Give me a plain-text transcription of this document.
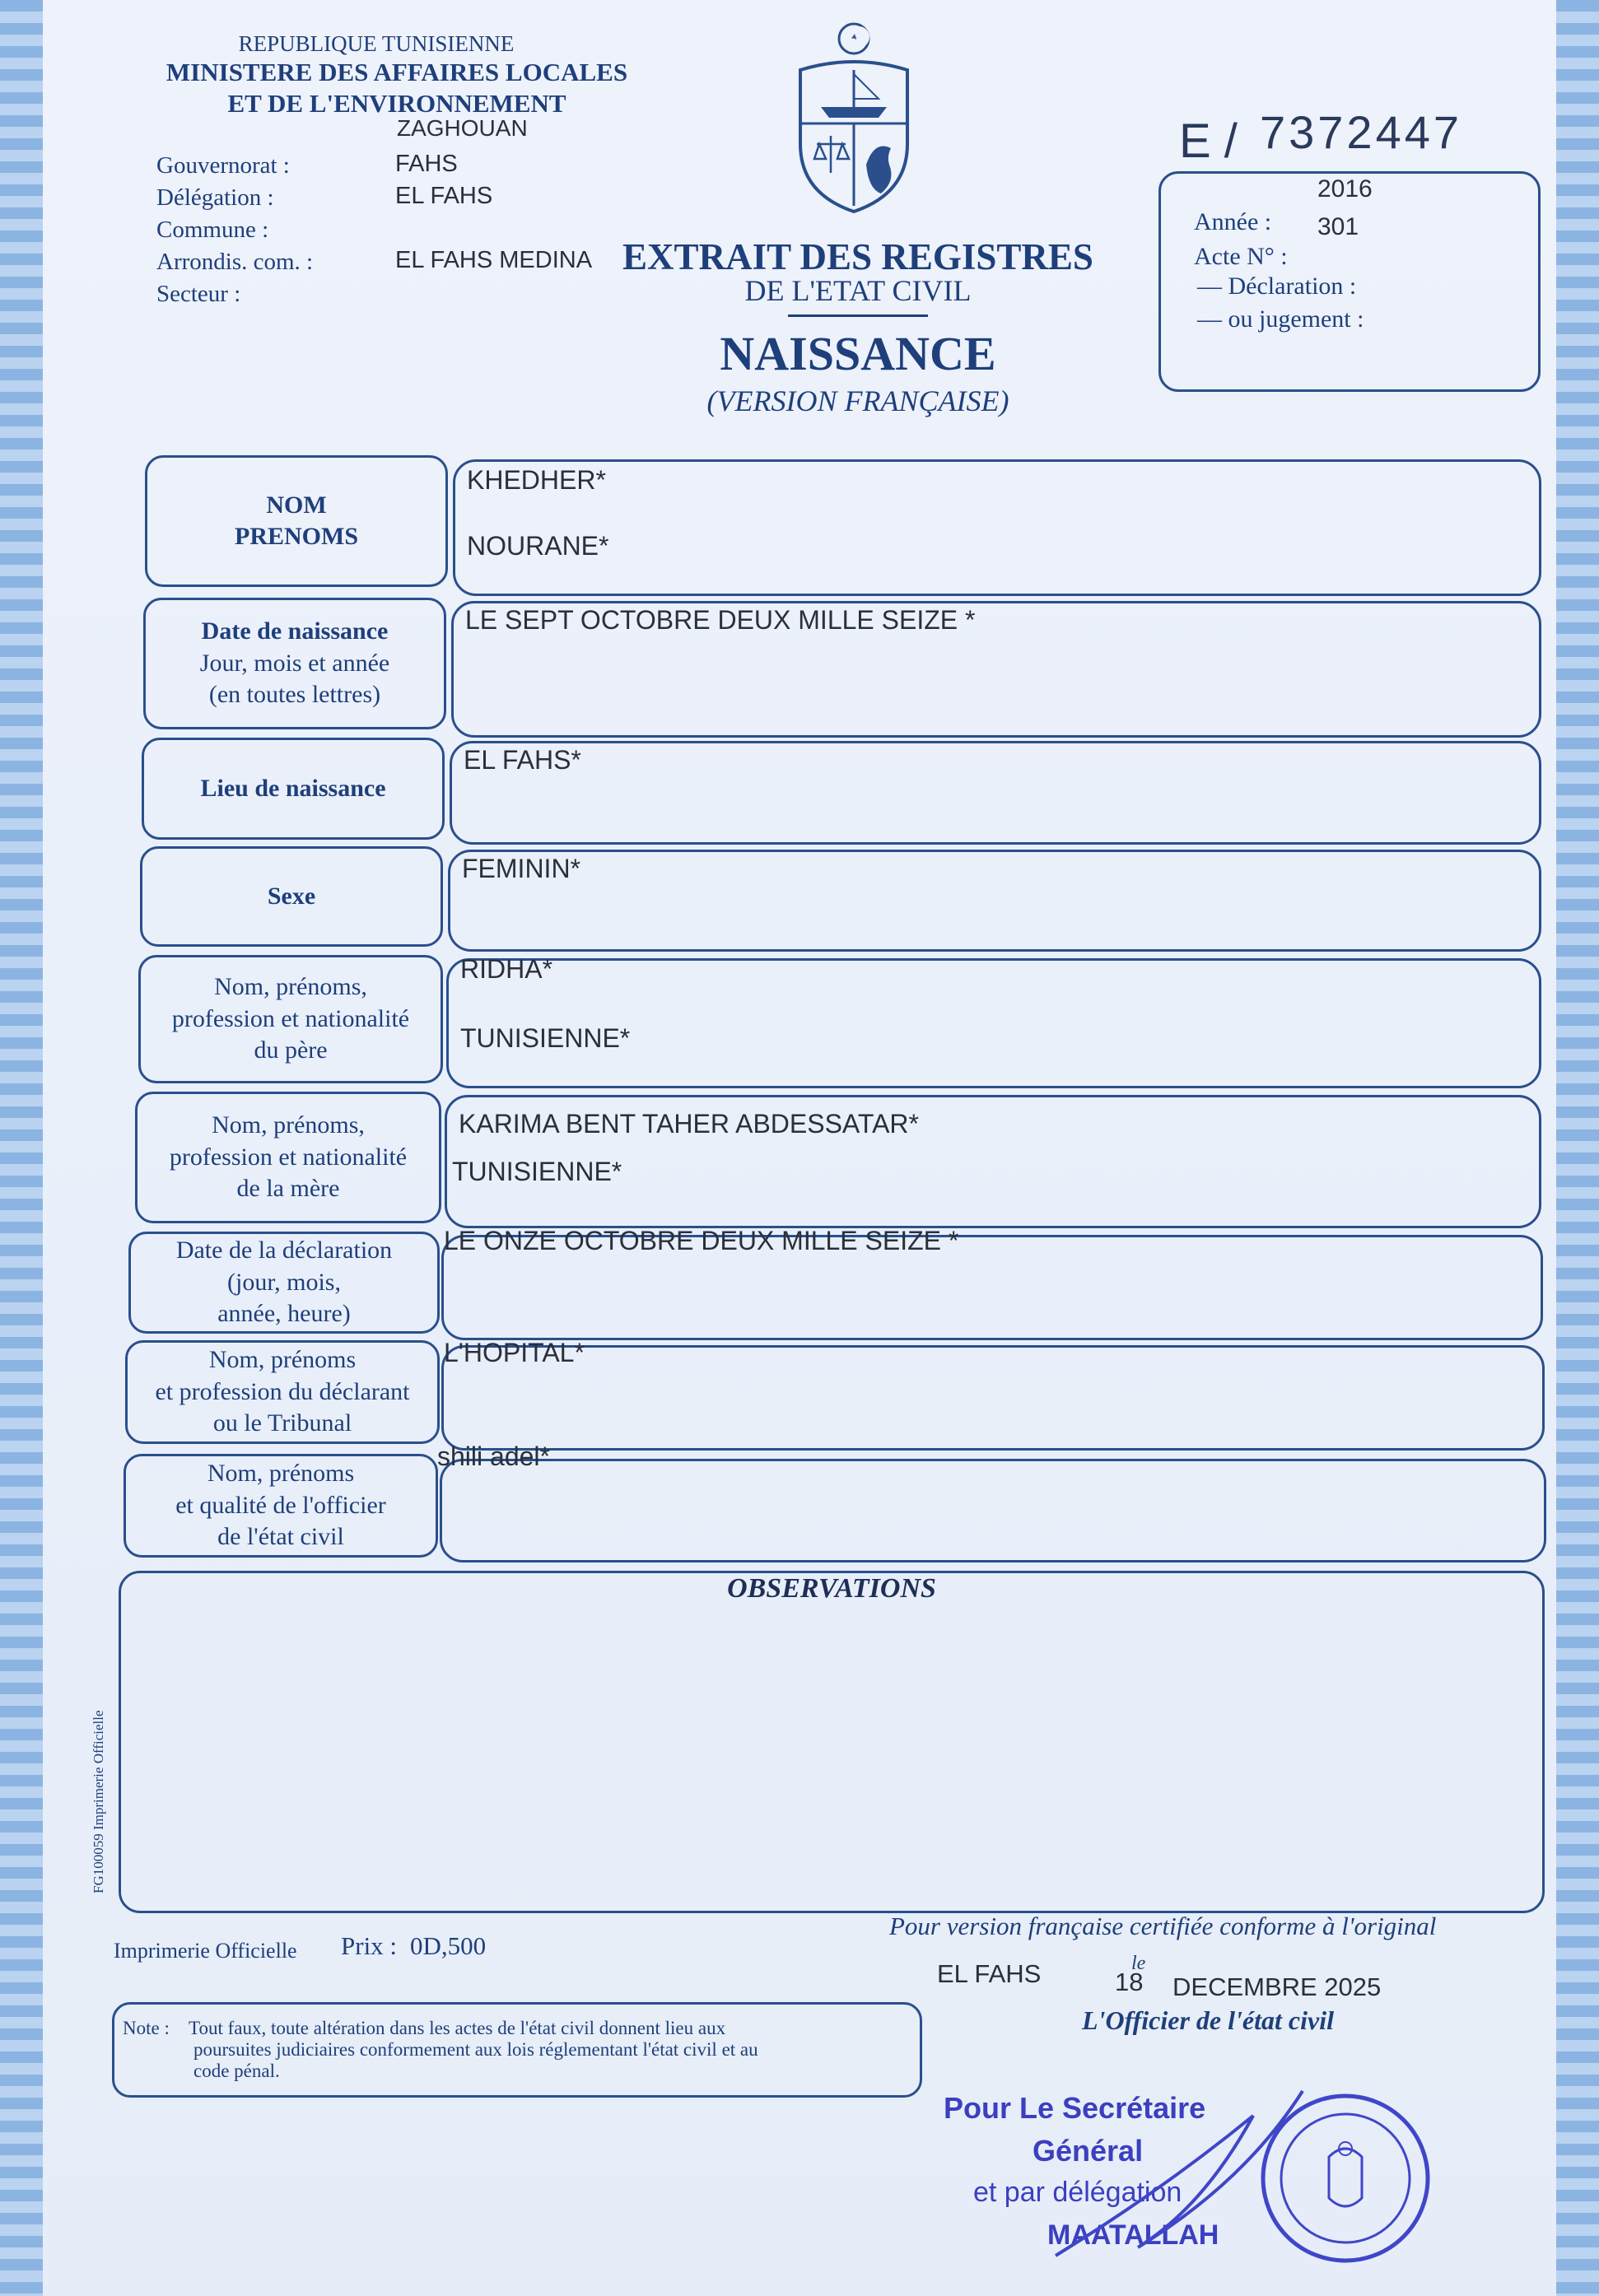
REPUBLIQUE TUNISIENNE
MINISTERE DES AFFAIRES LOCALES
ET DE L'ENVIRONNEMENT
ZAGHOUAN
Gouvernorat :
Délégation :
Commune :
Arrondis. com. :
Secteur :
FAHS
EL FAHS
EL FAHS MEDINA
E / 7372447
2016
Année : 301
Acte N° :
— Déclaration :
— ou jugement :
EXTRAIT DES REGISTRES
DE L'ETAT CIVIL
NAISSANCE
(VERSION FRANÇAISE)
NOM
PRENOMS
KHEDHER*
NOURANE*
Date de naissance
Jour, mois et année
(en toutes lettres)
LE SEPT OCTOBRE DEUX MILLE SEIZE *
Lieu de naissance
EL FAHS*
Sexe
FEMININ*
Nom, prénoms,
profession et nationalité
du père
RIDHA*
TUNISIENNE*
Nom, prénoms,
profession et nationalité
de la mère
KARIMA BENT TAHER ABDESSATAR*
TUNISIENNE*
Date de la déclaration
(jour, mois,
année, heure)
LE ONZE OCTOBRE DEUX MILLE SEIZE *
Nom, prénoms
et profession du déclarant
ou le Tribunal
L'HOPITAL*
Nom, prénoms
et qualité de l'officier
de l'état civil
shili adel*
OBSERVATIONS
FG100059 Imprimerie Officielle
Imprimerie Officielle Prix : 0D,500
Pour version française certifiée conforme à l'original
EL FAHS	le
18 DECEMBRE 2025
L'Officier de l'état civil
Note : Tout faux, toute altération dans les actes de l'état civil donnent lieu aux
poursuites judiciaires conformement aux lois réglementant l'état civil et au
code pénal.
Pour Le Secrétaire
Général
et par délégation
MAATALLAH
